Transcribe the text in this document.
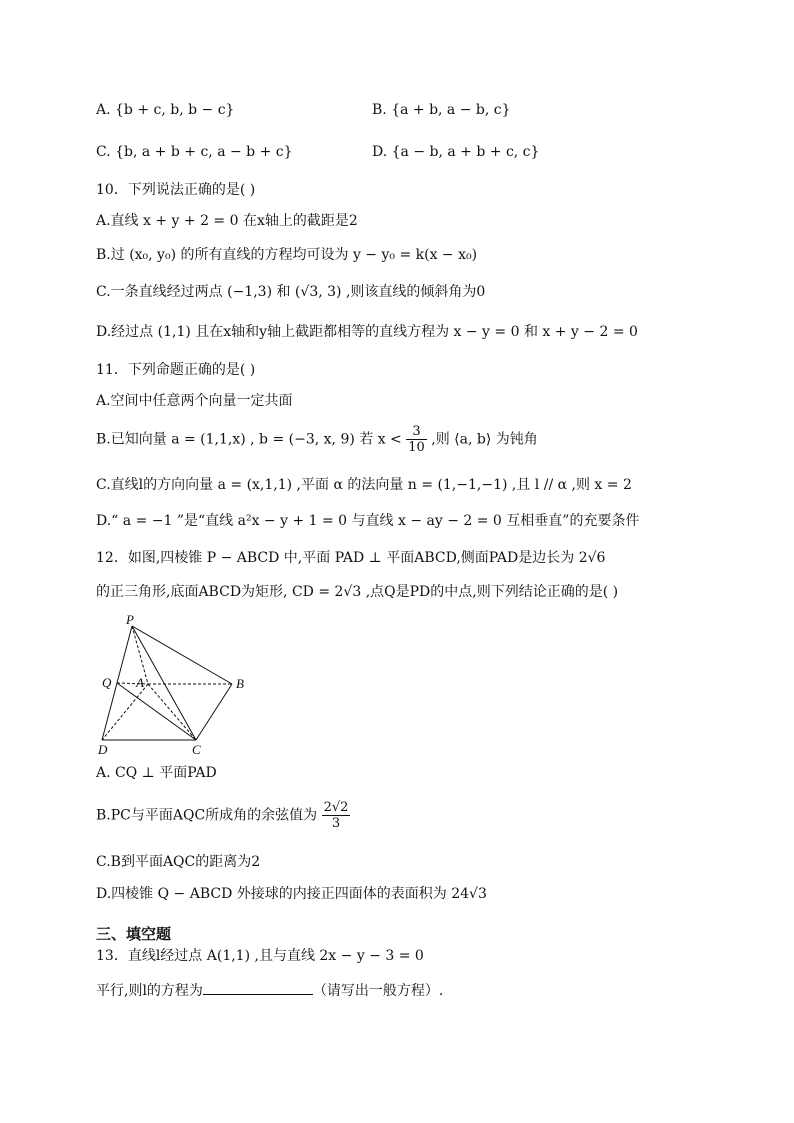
A. {b + c, b, b − c}	B. {a + b, a − b, c}
C. {b, a + b + c, a − b + c}	D. {a − b, a + b + c, c}
10．下列说法正确的是( )
A.直线 x + y + 2 = 0 在x轴上的截距是2
B.过 (x₀, y₀) 的所有直线的方程均可设为 y − y₀ = k(x − x₀)
C.一条直线经过两点 (−1,3) 和 (√3, 3) ,则该直线的倾斜角为0
D.经过点 (1,1) 且在x轴和y轴上截距都相等的直线方程为 x − y = 0 和 x + y − 2 = 0
11．下列命题正确的是( )
A.空间中任意两个向量一定共面
B.已知向量 a = (1,1,x) , b = (−3, x, 9) 若 $x < \frac{3}{10}$ ,则 ⟨a, b⟩ 为钝角
C.直线l的方向向量 a = (x,1,1) ,平面 α 的法向量 n = (1,−1,−1) ,且 l // α ,则 x = 2
D.“ a = −1 ”是“直线 a²x − y + 1 = 0 与直线 x − ay − 2 = 0 互相垂直”的充要条件
12．如图,四棱锥 P − ABCD 中,平面 PAD ⊥ 平面ABCD,侧面PAD是边长为 2√6
的正三角形,底面ABCD为矩形, CD = 2√3 ,点Q是PD的中点,则下列结论正确的是( )
P
Q A	B
D	C
A. CQ ⊥ 平面PAD
B.PC与平面AQC所成角的余弦值为 $\frac{2√2}{3}$
C.B到平面AQC的距离为2
D.四棱锥 Q − ABCD 外接球的内接正四面体的表面积为 24√3
三、填空题
13．直线l经过点 A(1,1) ,且与直线 2x − y − 3 = 0
平行,则l的方程为	（请写出一般方程）.
